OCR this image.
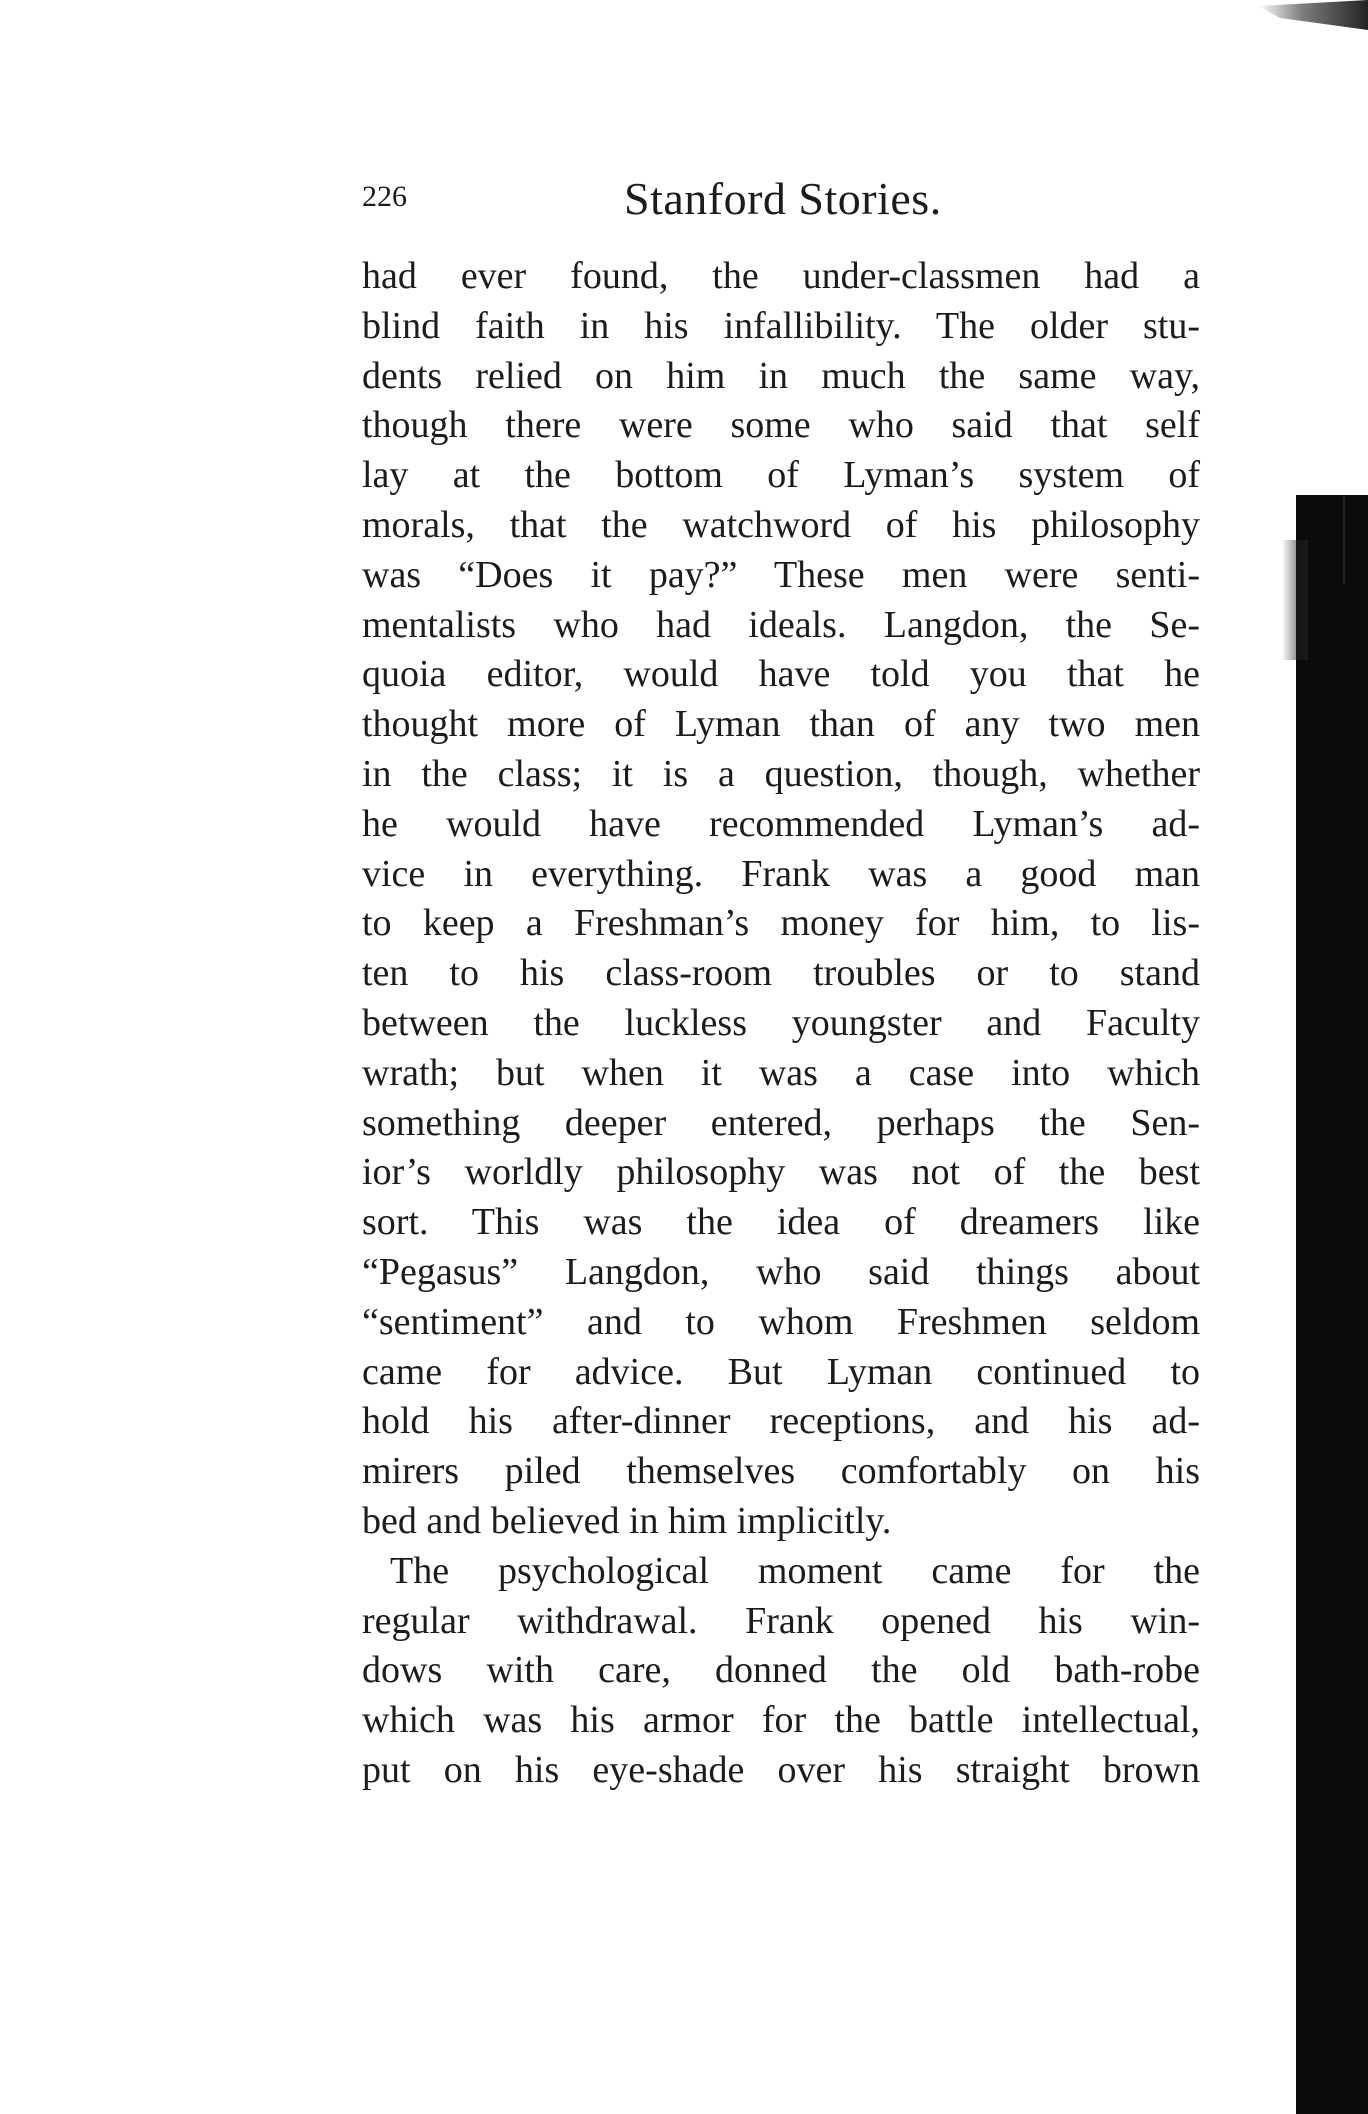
226	Stanford Stories.
had ever found, the under-classmen had a
blind faith in his infallibility. The older stu-
dents relied on him in much the same way,
though there were some who said that self
lay at the bottom of Lyman’s system of
morals, that the watchword of his philosophy
was “Does it pay?” These men were senti-
mentalists who had ideals. Langdon, the Se-
quoia editor, would have told you that he
thought more of Lyman than of any two men
in the class; it is a question, though, whether
he would have recommended Lyman’s ad-
vice in everything. Frank was a good man
to keep a Freshman’s money for him, to lis-
ten to his class-room troubles or to stand
between the luckless youngster and Faculty
wrath; but when it was a case into which
something deeper entered, perhaps the Sen-
ior’s worldly philosophy was not of the best
sort. This was the idea of dreamers like
“Pegasus” Langdon, who said things about
“sentiment” and to whom Freshmen seldom
came for advice. But Lyman continued to
hold his after-dinner receptions, and his ad-
mirers piled themselves comfortably on his
bed and believed in him implicitly.
The psychological moment came for the
regular withdrawal. Frank opened his win-
dows with care, donned the old bath-robe
which was his armor for the battle intellectual,
put on his eye-shade over his straight brown
